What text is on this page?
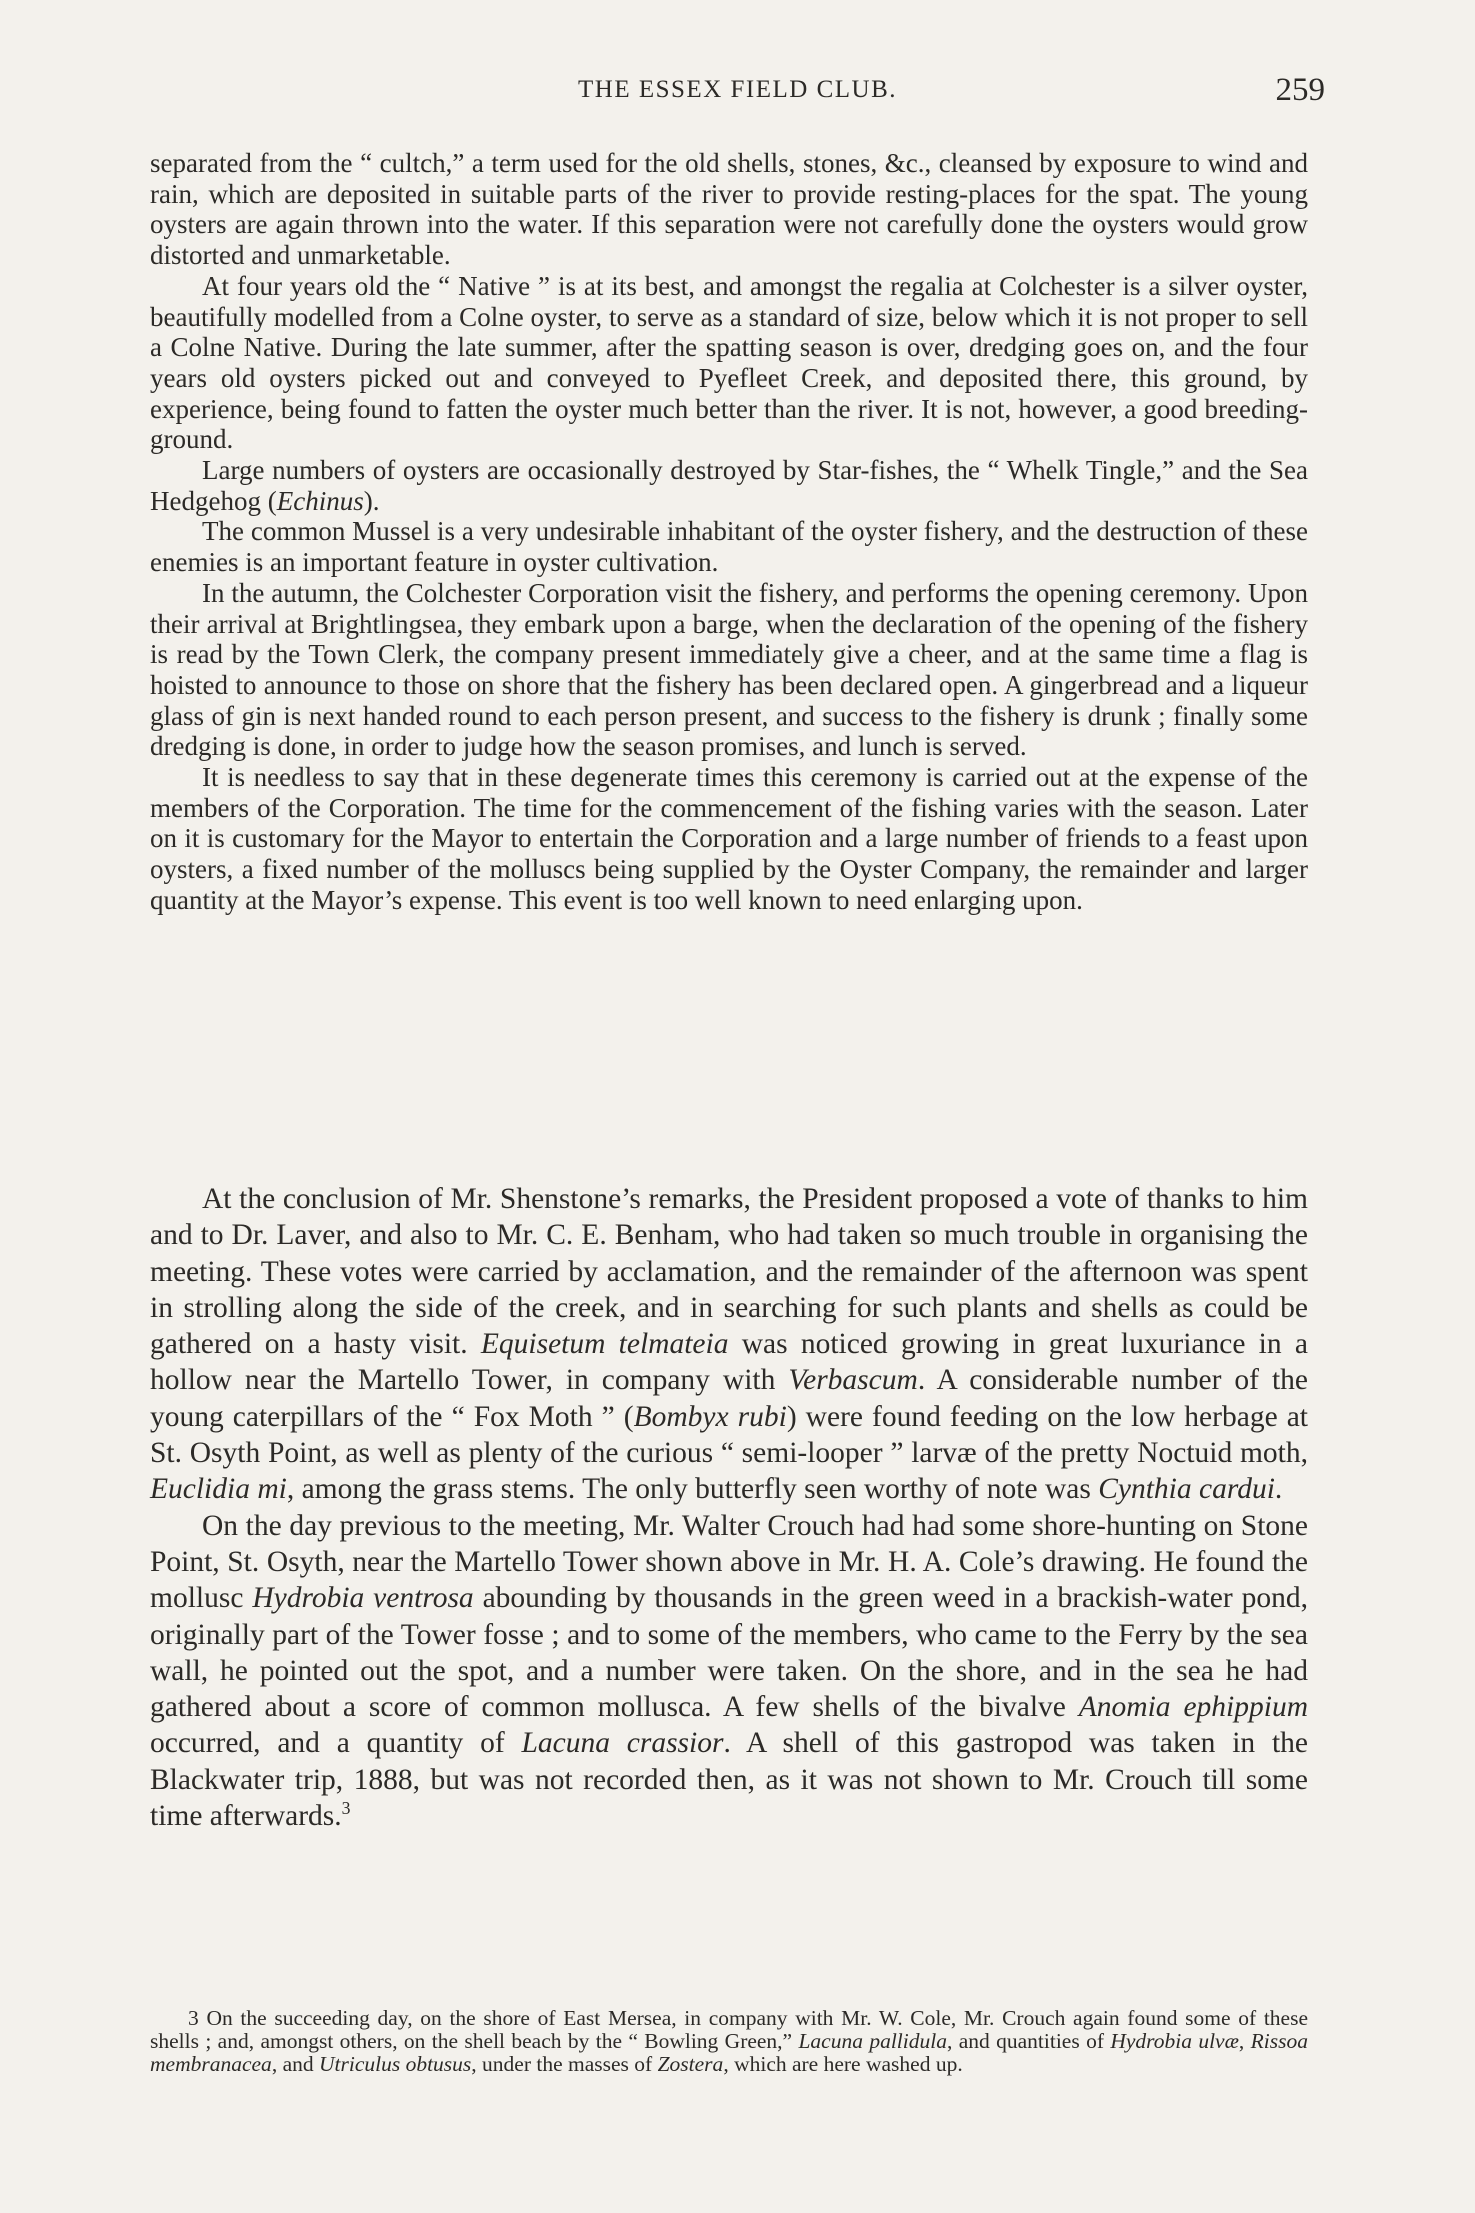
THE ESSEX FIELD CLUB.	259

separated from the “ cultch,” a term used for the old shells, stones, &c., cleansed by exposure to wind and rain, which are deposited in suitable parts of the river to provide resting-places for the spat. The young oysters are again thrown into the water. If this separation were not carefully done the oysters would grow distorted and unmarketable.

At four years old the “ Native ” is at its best, and amongst the regalia at Colchester is a silver oyster, beautifully modelled from a Colne oyster, to serve as a standard of size, below which it is not proper to sell a Colne Native. During the late summer, after the spatting season is over, dredging goes on, and the four years old oysters picked out and conveyed to Pyefleet Creek, and deposited there, this ground, by experience, being found to fatten the oyster much better than the river. It is not, however, a good breeding-ground.

Large numbers of oysters are occasionally destroyed by Star-fishes, the “ Whelk Tingle,” and the Sea Hedgehog (Echinus).

The common Mussel is a very undesirable inhabitant of the oyster fishery, and the destruction of these enemies is an important feature in oyster cultivation.

In the autumn, the Colchester Corporation visit the fishery, and performs the opening ceremony. Upon their arrival at Brightlingsea, they embark upon a barge, when the declaration of the opening of the fishery is read by the Town Clerk, the company present immediately give a cheer, and at the same time a flag is hoisted to announce to those on shore that the fishery has been declared open. A gingerbread and a liqueur glass of gin is next handed round to each person present, and success to the fishery is drunk ; finally some dredging is done, in order to judge how the season promises, and lunch is served.

It is needless to say that in these degenerate times this ceremony is carried out at the expense of the members of the Corporation. The time for the commencement of the fishing varies with the season. Later on it is customary for the Mayor to entertain the Corporation and a large number of friends to a feast upon oysters, a fixed number of the molluscs being supplied by the Oyster Company, the remainder and larger quantity at the Mayor’s expense. This event is too well known to need enlarging upon.

At the conclusion of Mr. Shenstone’s remarks, the President proposed a vote of thanks to him and to Dr. Laver, and also to Mr. C. E. Benham, who had taken so much trouble in organising the meeting. These votes were carried by acclamation, and the remainder of the afternoon was spent in strolling along the side of the creek, and in searching for such plants and shells as could be gathered on a hasty visit. Equisetum telmateia was noticed growing in great luxuriance in a hollow near the Martello Tower, in company with Verbascum. A considerable number of the young caterpillars of the “ Fox Moth ” (Bombyx rubi) were found feeding on the low herbage at St. Osyth Point, as well as plenty of the curious “ semi-looper ” larvæ of the pretty Noctuid moth, Euclidia mi, among the grass stems. The only butterfly seen worthy of note was Cynthia cardui.

On the day previous to the meeting, Mr. Walter Crouch had had some shore-hunting on Stone Point, St. Osyth, near the Martello Tower shown above in Mr. H. A. Cole’s drawing. He found the mollusc Hydrobia ventrosa abounding by thousands in the green weed in a brackish-water pond, originally part of the Tower fosse ; and to some of the members, who came to the Ferry by the sea wall, he pointed out the spot, and a number were taken. On the shore, and in the sea he had gathered about a score of common mollusca. A few shells of the bivalve Anomia ephippium occurred, and a quantity of Lacuna crassior. A shell of this gastropod was taken in the Blackwater trip, 1888, but was not recorded then, as it was not shown to Mr. Crouch till some time afterwards.$^3$

3 On the succeeding day, on the shore of East Mersea, in company with Mr. W. Cole, Mr. Crouch again found some of these shells ; and, amongst others, on the shell beach by the “ Bowling Green,” Lacuna pallidula, and quantities of Hydrobia ulvæ, Rissoa membranacea, and Utriculus obtusus, under the masses of Zostera, which are here washed up.
